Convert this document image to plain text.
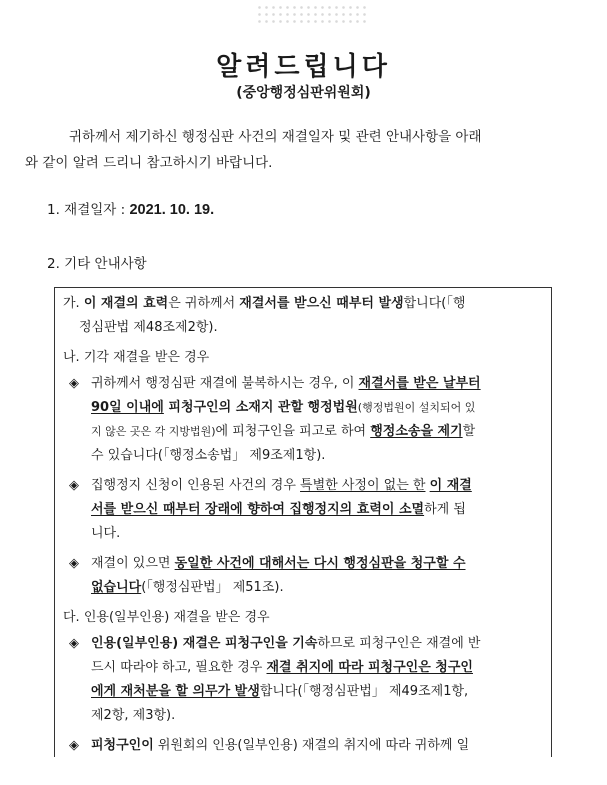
알려드립니다
(중앙행정심판위원회)
귀하께서 제기하신 행정심판 사건의 재결일자 및 관련 안내사항을 아래
와 같이 알려 드리니 참고하시기 바랍니다.
1. 재결일자 : 2021. 10. 19.
2. 기타 안내사항
가. 이 재결의 효력은 귀하께서 재결서를 받으신 때부터 발생합니다(「행
정심판법 제48조제2항).
나. 기각 재결을 받은 경우
◈ 귀하께서 행정심판 재결에 불복하시는 경우, 이 재결서를 받은 날부터
90일 이내에 피청구인의 소재지 관할 행정법원(행정법원이 설치되어 있
지 않은 곳은 각 지방법원)에 피청구인을 피고로 하여 행정소송을 제기할
수 있습니다(「행정소송법」 제9조제1항).
◈ 집행정지 신청이 인용된 사건의 경우 특별한 사정이 없는 한 이 재결
서를 받으신 때부터 장래에 향하여 집행정지의 효력이 소멸하게 됩
니다.
◈ 재결이 있으면 동일한 사건에 대해서는 다시 행정심판을 청구할 수
없습니다(「행정심판법」 제51조).
다. 인용(일부인용) 재결을 받은 경우
◈ 인용(일부인용) 재결은 피청구인을 기속하므로 피청구인은 재결에 반
드시 따라야 하고, 필요한 경우 재결 취지에 따라 피청구인은 청구인
에게 재처분을 할 의무가 발생합니다(「행정심판법」 제49조제1항,
제2항, 제3항).
◈ 피청구인이 위원회의 인용(일부인용) 재결의 취지에 따라 귀하께 일
